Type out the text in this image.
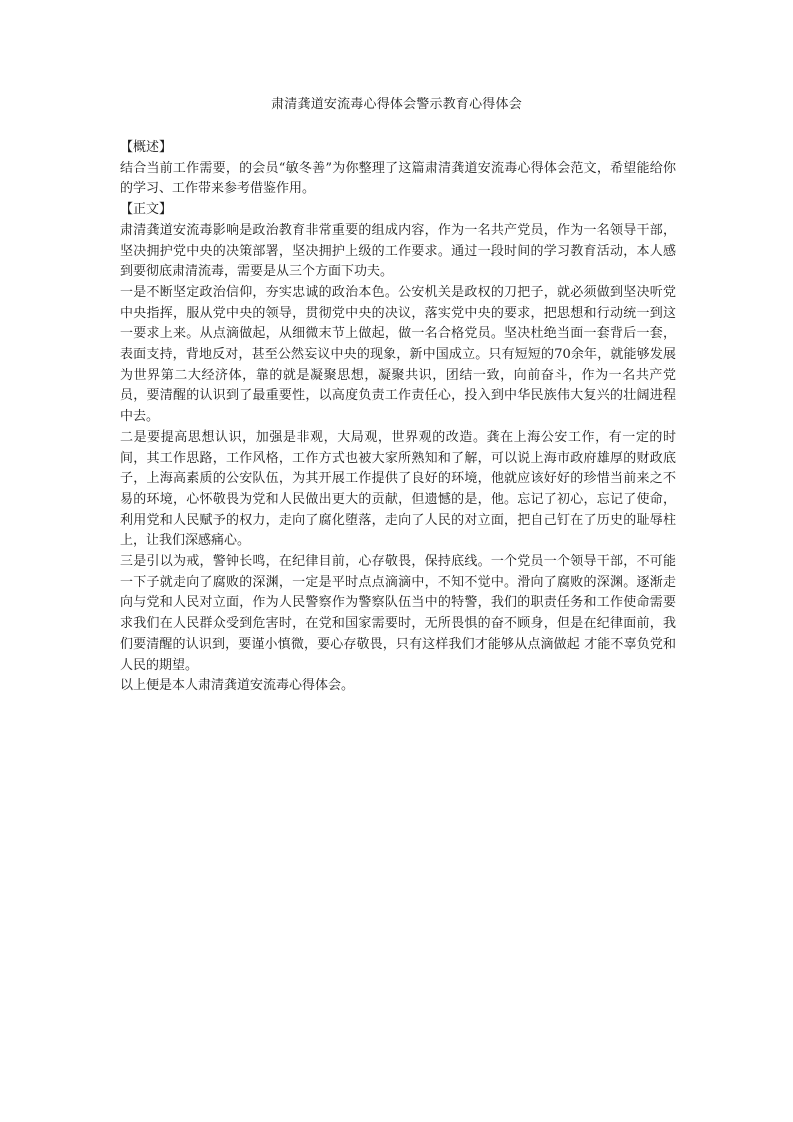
肃清龚道安流毒心得体会警示教育心得体会

【概述】

结合当前工作需要，的会员“敏冬善”为你整理了这篇肃清龚道安流毒心得体会范文，希望能给你的学习、工作带来参考借鉴作用。

【正文】

肃清龚道安流毒影响是政治教育非常重要的组成内容，作为一名共产党员，作为一名领导干部，坚决拥护党中央的决策部署，坚决拥护上级的工作要求。通过一段时间的学习教育活动，本人感到要彻底肃清流毒，需要是从三个方面下功夫。

一是不断坚定政治信仰，夯实忠诚的政治本色。公安机关是政权的刀把子，就必须做到坚决听党中央指挥，服从党中央的领导，贯彻党中央的决议，落实党中央的要求，把思想和行动统一到这一要求上来。从点滴做起，从细微末节上做起，做一名合格党员。坚决杜绝当面一套背后一套，表面支持，背地反对，甚至公然妄议中央的现象，新中国成立。只有短短的70余年，就能够发展为世界第二大经济体，靠的就是凝聚思想，凝聚共识，团结一致，向前奋斗，作为一名共产党员，要清醒的认识到了最重要性，以高度负责工作责任心，投入到中华民族伟大复兴的壮阔进程中去。

二是要提高思想认识，加强是非观，大局观，世界观的改造。龚在上海公安工作，有一定的时间，其工作思路，工作风格，工作方式也被大家所熟知和了解，可以说上海市政府雄厚的财政底子，上海高素质的公安队伍，为其开展工作提供了良好的环境，他就应该好好的珍惜当前来之不易的环境，心怀敬畏为党和人民做出更大的贡献，但遗憾的是，他。忘记了初心，忘记了使命，利用党和人民赋予的权力，走向了腐化堕落，走向了人民的对立面，把自己钉在了历史的耻辱柱上，让我们深感痛心。

三是引以为戒，警钟长鸣，在纪律目前，心存敬畏，保持底线。一个党员一个领导干部，不可能一下子就走向了腐败的深渊，一定是平时点点滴滴中，不知不觉中。滑向了腐败的深渊。逐渐走向与党和人民对立面，作为人民警察作为警察队伍当中的特警，我们的职责任务和工作使命需要求我们在人民群众受到危害时，在党和国家需要时，无所畏惧的奋不顾身，但是在纪律面前，我们要清醒的认识到，要谨小慎微，要心存敬畏，只有这样我们才能够从点滴做起 才能不辜负党和人民的期望。

以上便是本人肃清龚道安流毒心得体会。
